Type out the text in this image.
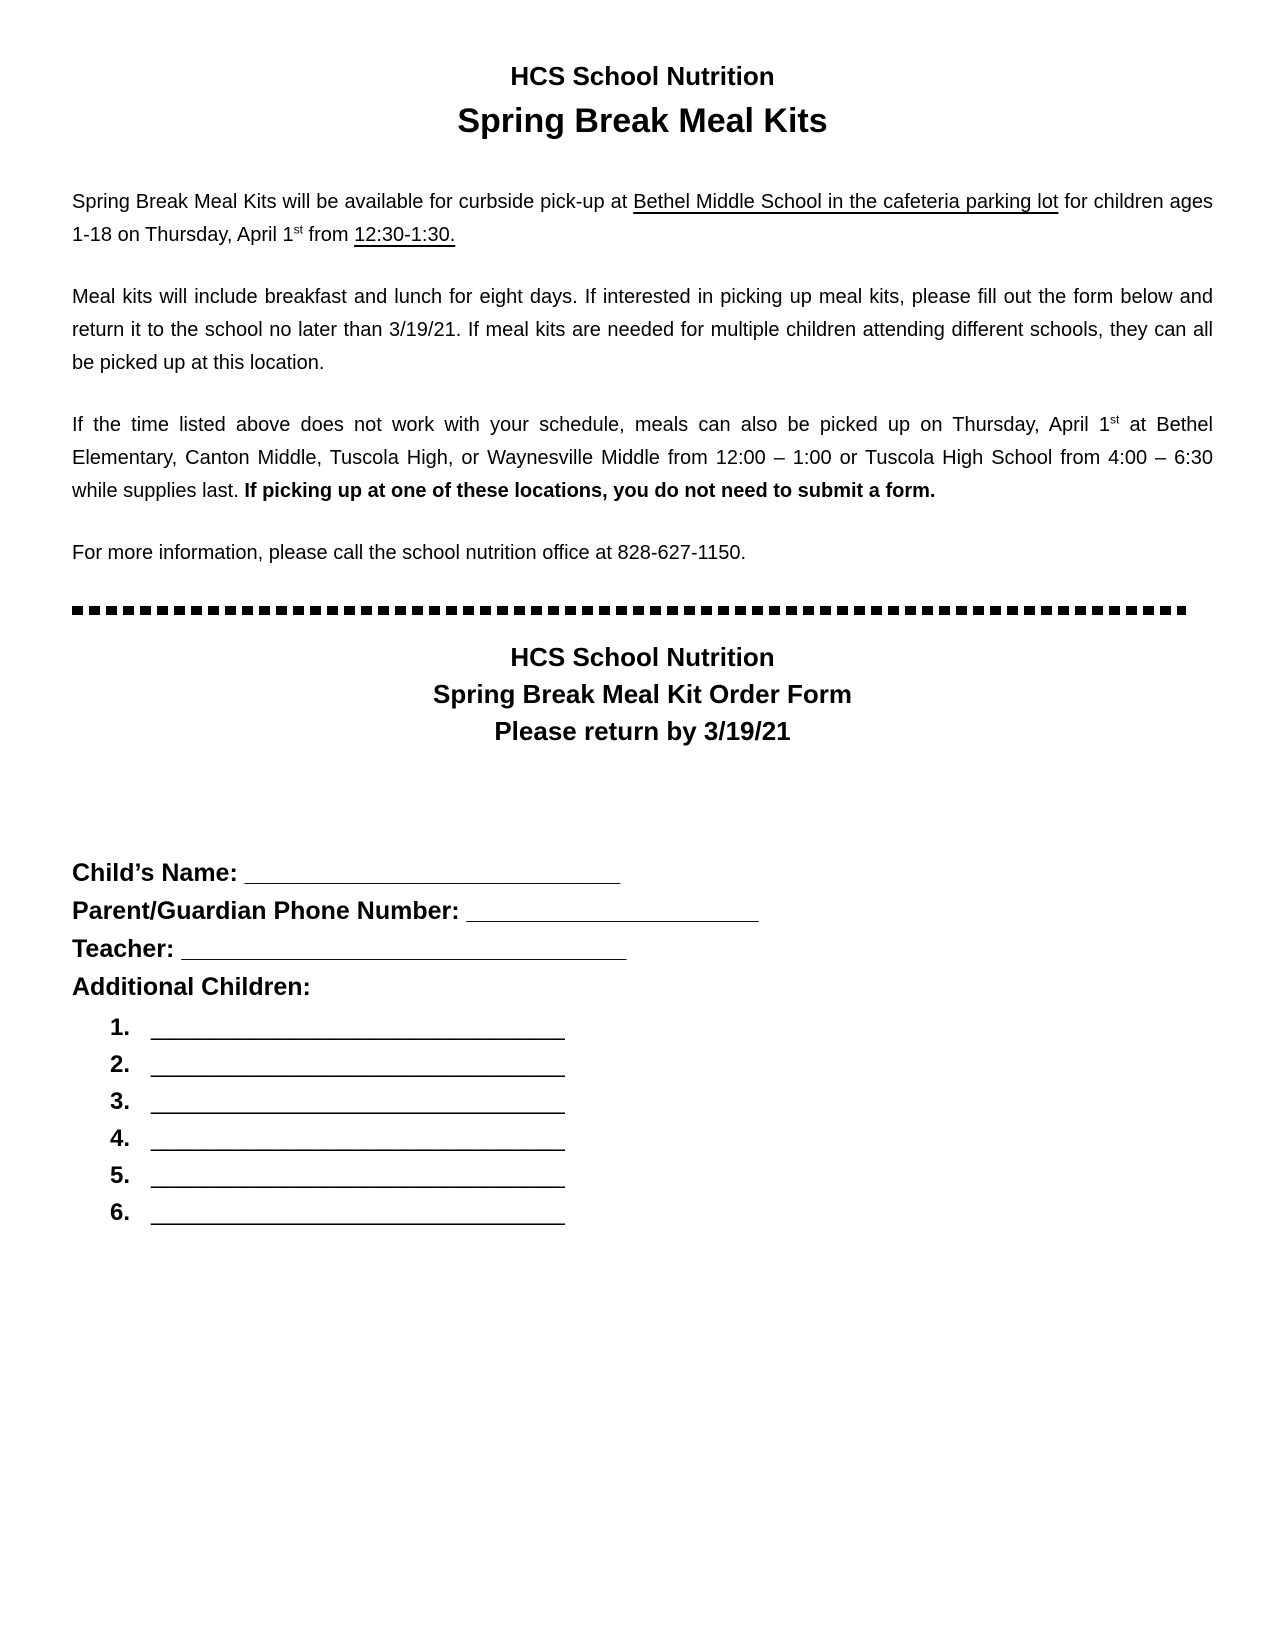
HCS School Nutrition
Spring Break Meal Kits

Spring Break Meal Kits will be available for curbside pick-up at Bethel Middle School in the cafeteria parking lot for children ages 1-18 on Thursday, April 1st from 12:30-1:30.

Meal kits will include breakfast and lunch for eight days. If interested in picking up meal kits, please fill out the form below and return it to the school no later than 3/19/21. If meal kits are needed for multiple children attending different schools, they can all be picked up at this location.

If the time listed above does not work with your schedule, meals can also be picked up on Thursday, April 1st at Bethel Elementary, Canton Middle, Tuscola High, or Waynesville Middle from 12:00 – 1:00 or Tuscola High School from 4:00 – 6:30 while supplies last. If picking up at one of these locations, you do not need to submit a form.

For more information, please call the school nutrition office at 828-627-1150.

HCS School Nutrition
Spring Break Meal Kit Order Form
Please return by 3/19/21
Child’s Name: ___________________________
Parent/Guardian Phone Number: _____________________
Teacher: ________________________________
Additional Children:
1. _______________________________
2. _______________________________
3. _______________________________
4. _______________________________
5. _______________________________
6. _______________________________
